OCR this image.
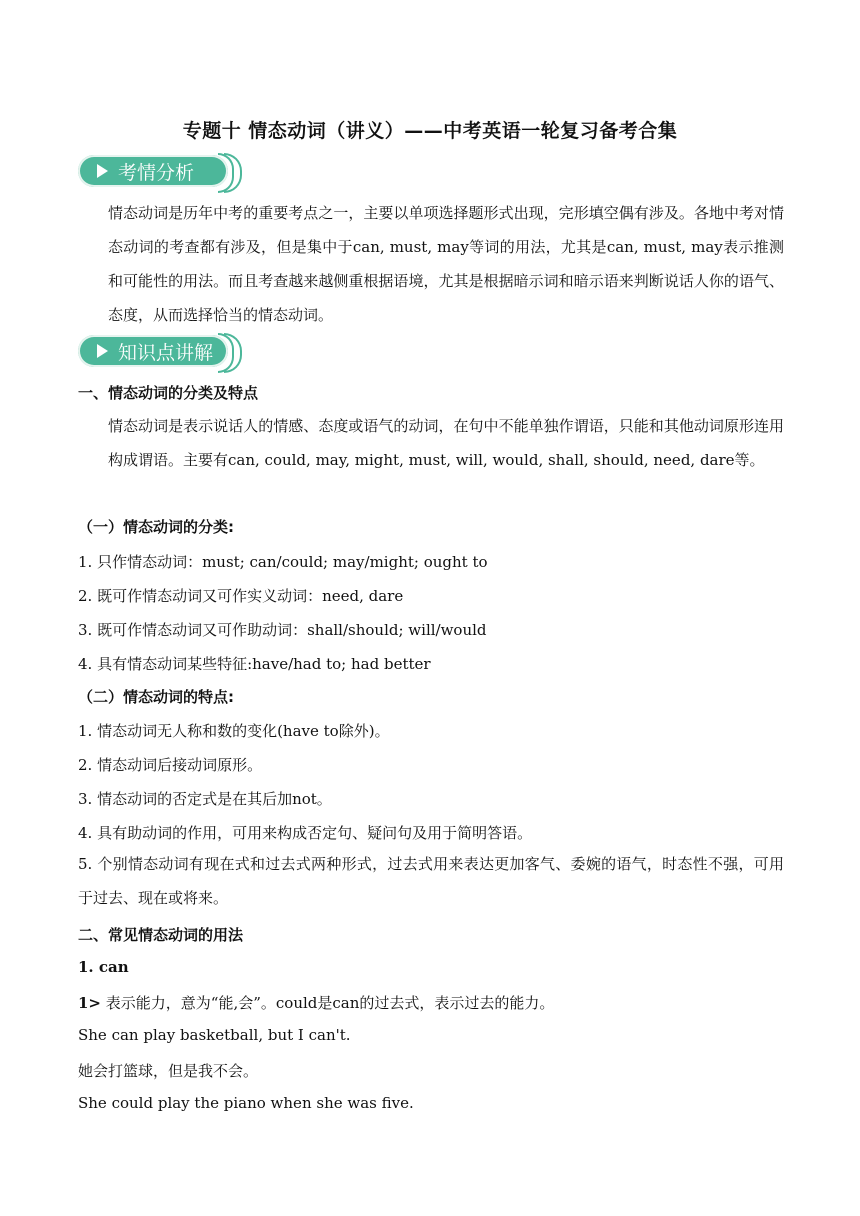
专题十 情态动词（讲义）——中考英语一轮复习备考合集
考情分析
情态动词是历年中考的重要考点之一，主要以单项选择题形式出现，完形填空偶有涉及。各地中考对情态动词的考查都有涉及，但是集中于can, must, may等词的用法，尤其是can, must, may表示推测和可能性的用法。而且考查越来越侧重根据语境，尤其是根据暗示词和暗示语来判断说话人你的语气、态度，从而选择恰当的情态动词。
知识点讲解
一、情态动词的分类及特点
情态动词是表示说话人的情感、态度或语气的动词，在句中不能单独作谓语，只能和其他动词原形连用构成谓语。主要有can, could, may, might, must, will, would, shall, should, need, dare等。
（一）情态动词的分类:
1. 只作情态动词：must; can/could; may/might; ought to
2. 既可作情态动词又可作实义动词：need, dare
3. 既可作情态动词又可作助动词：shall/should; will/would
4. 具有情态动词某些特征:have/had to; had better
（二）情态动词的特点:
1. 情态动词无人称和数的变化(have to除外)。
2. 情态动词后接动词原形。
3. 情态动词的否定式是在其后加not。
4. 具有助动词的作用，可用来构成否定句、疑问句及用于简明答语。
5. 个别情态动词有现在式和过去式两种形式，过去式用来表达更加客气、委婉的语气，时态性不强，可用于过去、现在或将来。
二、常见情态动词的用法
1. can
1> 表示能力，意为“能,会”。could是can的过去式，表示过去的能力。
She can play basketball, but I can't.
她会打篮球，但是我不会。
She could play the piano when she was five.
